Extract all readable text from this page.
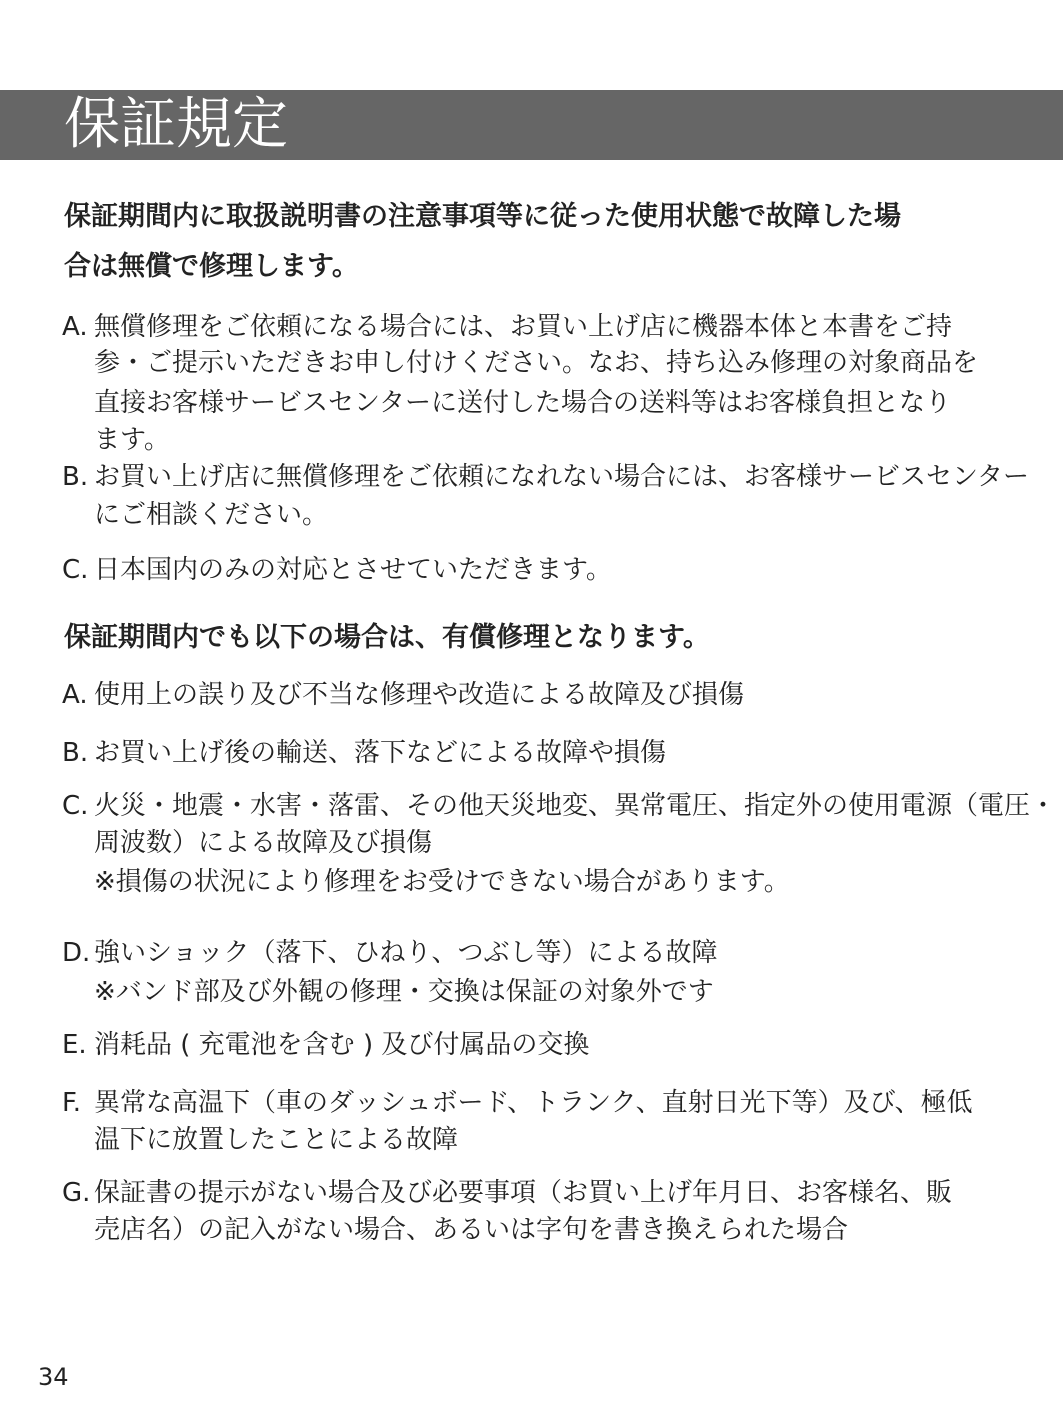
保証規定
保証期間内に取扱説明書の注意事項等に従った使用状態で故障した場
合は無償で修理します。
A. 無償修理をご依頼になる場合には、お買い上げ店に機器本体と本書をご持
参・ご提示いただきお申し付けください。なお、持ち込み修理の対象商品を
直接お客様サービスセンターに送付した場合の送料等はお客様負担となり
ます。
B. お買い上げ店に無償修理をご依頼になれない場合には、お客様サービスセンター
にご相談ください。
C. 日本国内のみの対応とさせていただきます。
保証期間内でも以下の場合は、有償修理となります。
A. 使用上の誤り及び不当な修理や改造による故障及び損傷
B. お買い上げ後の輸送、落下などによる故障や損傷
C. 火災・地震・水害・落雷、その他天災地変、異常電圧、指定外の使用電源（電圧・
周波数）による故障及び損傷
※損傷の状況により修理をお受けできない場合があります。
D. 強いショック（落下、ひねり、つぶし等）による故障
※バンド部及び外観の修理・交換は保証の対象外です
E. 消耗品 ( 充電池を含む ) 及び付属品の交換
F. 異常な高温下（車のダッシュボード、トランク、直射日光下等）及び、極低
温下に放置したことによる故障
G. 保証書の提示がない場合及び必要事項（お買い上げ年月日、お客様名、販
売店名）の記入がない場合、あるいは字句を書き換えられた場合
34
